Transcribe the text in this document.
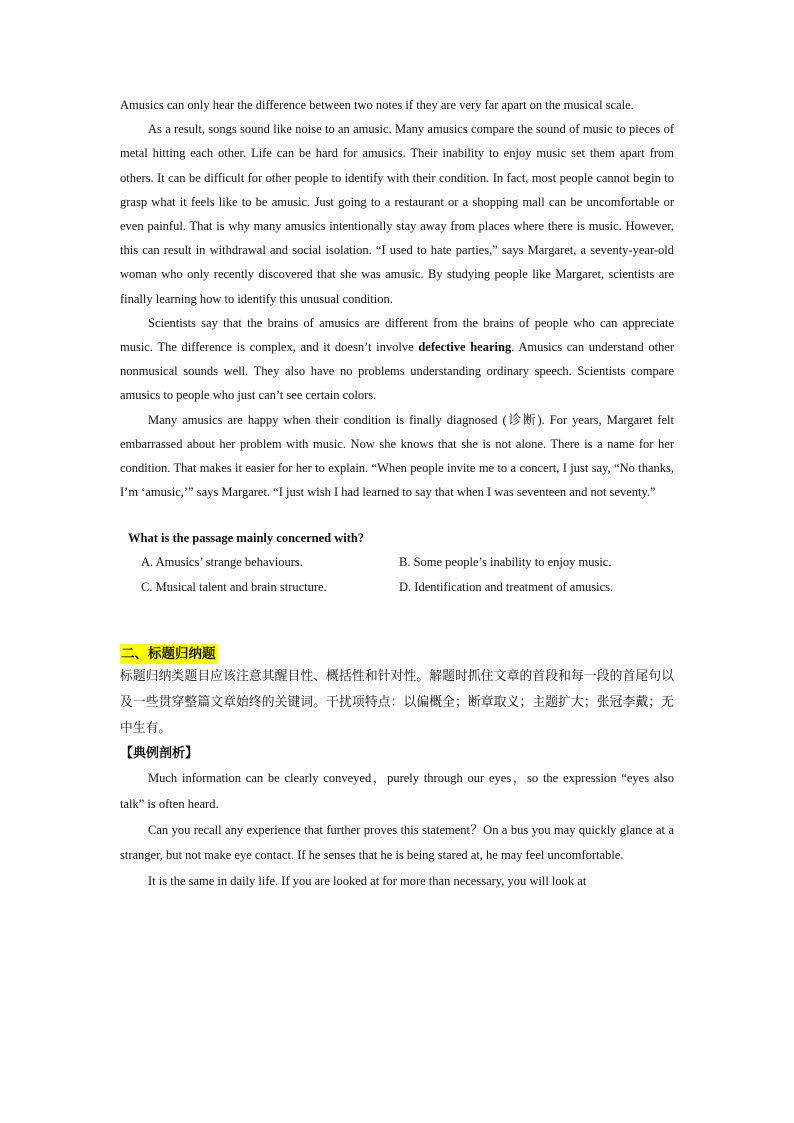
Amusics can only hear the difference between two notes if they are very far apart on the musical scale.

As a result, songs sound like noise to an amusic. Many amusics compare the sound of music to pieces of metal hitting each other. Life can be hard for amusics. Their inability to enjoy music set them apart from others. It can be difficult for other people to identify with their condition. In fact, most people cannot begin to grasp what it feels like to be amusic. Just going to a restaurant or a shopping mall can be uncomfortable or even painful. That is why many amusics intentionally stay away from places where there is music. However, this can result in withdrawal and social isolation. “I used to hate parties,” says Margaret, a seventy-year-old woman who only recently discovered that she was amusic. By studying people like Margaret, scientists are finally learning how to identify this unusual condition.

Scientists say that the brains of amusics are different from the brains of people who can appreciate music. The difference is complex, and it doesn’t involve defective hearing. Amusics can understand other nonmusical sounds well. They also have no problems understanding ordinary speech. Scientists compare amusics to people who just can’t see certain colors.

Many amusics are happy when their condition is finally diagnosed (诊断). For years, Margaret felt embarrassed about her problem with music. Now she knows that she is not alone. There is a name for her condition. That makes it easier for her to explain. “When people invite me to a concert, I just say, “No thanks, I’m ‘amusic,’” says Margaret. “I just wish I had learned to say that when I was seventeen and not seventy.”

What is the passage mainly concerned with?

A. Amusics’ strange behaviours.	B. Some people’s inability to enjoy music.
C. Musical talent and brain structure.	D. Identification and treatment of amusics.
二、标题归纳题

标题归纳类题目应该注意其醒目性、概括性和针对性。解题时抓住文章的首段和每一段的首尾句以及一些贯穿整篇文章始终的关键词。干扰项特点：以偏概全；断章取义；主题扩大；张冠李戴；无中生有。

【典例剖析】

Much information can be clearly conveyed，purely through our eyes，so the expression “eyes also talk” is often heard.

Can you recall any experience that further proves this statement？On a bus you may quickly glance at a stranger, but not make eye contact. If he senses that he is being stared at, he may feel uncomfortable.

It is the same in daily life. If you are looked at for more than necessary, you will look at
